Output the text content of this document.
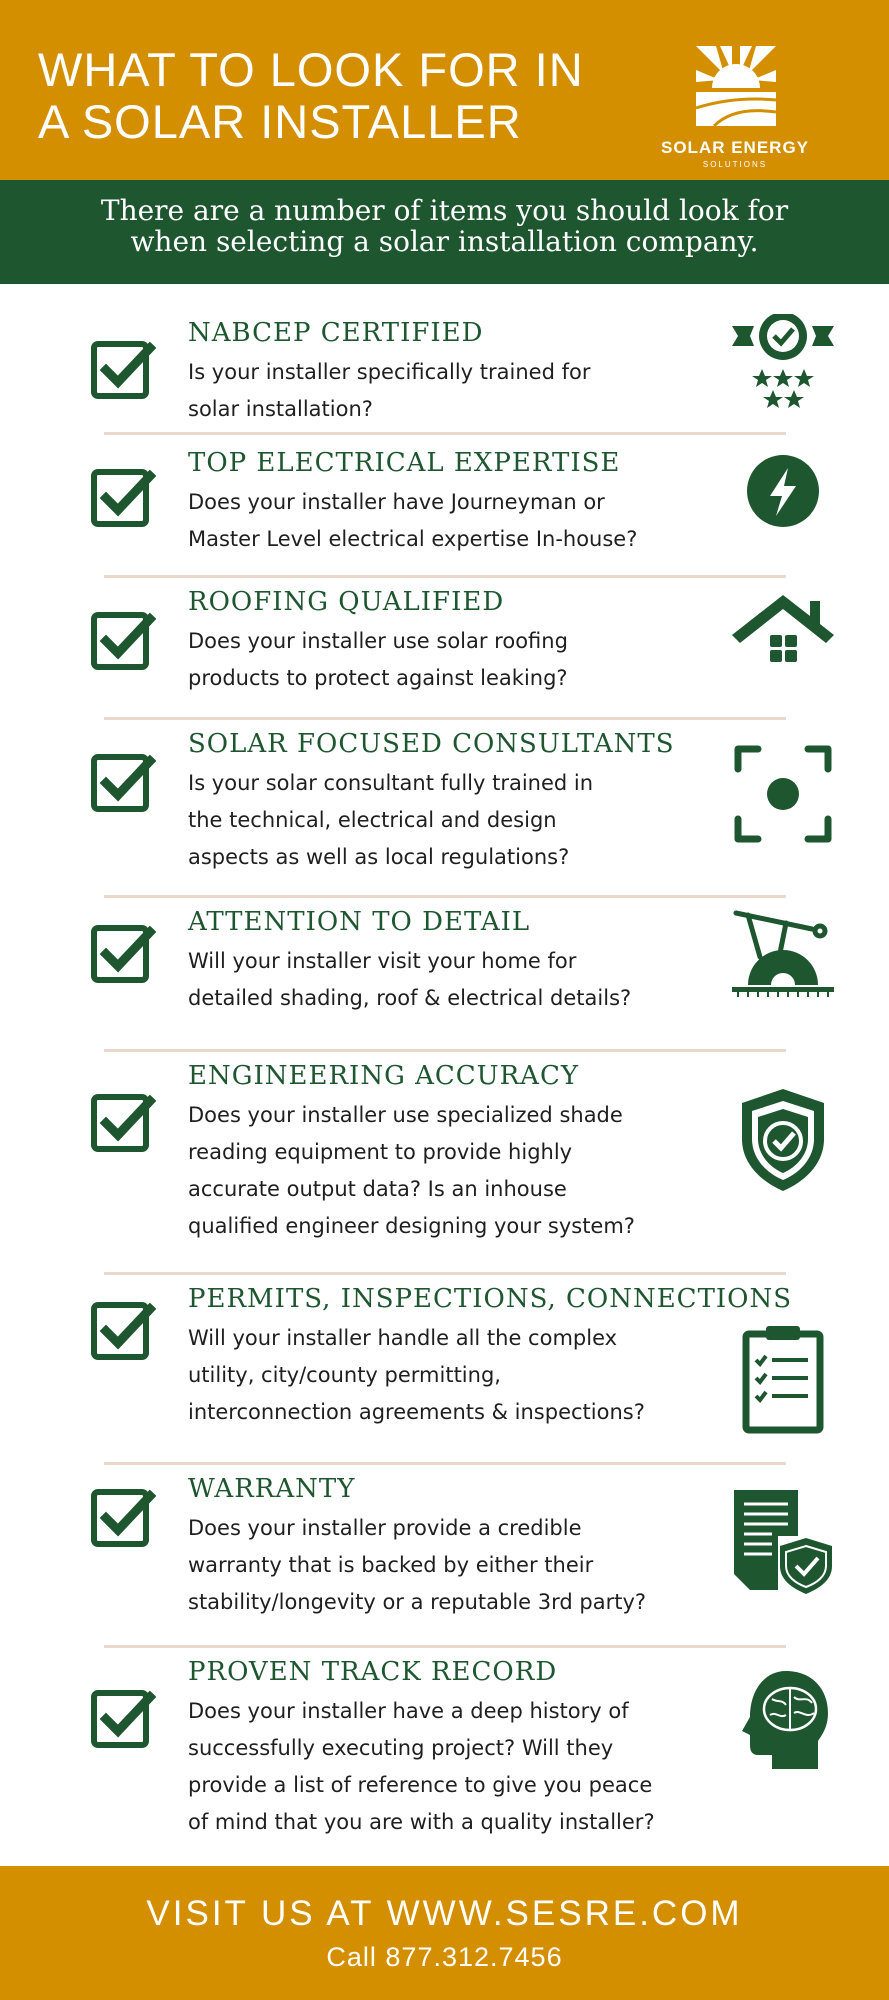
WHAT TO LOOK FOR IN
A SOLAR INSTALLER	SOLAR ENERGY
SOLUTIONS
There are a number of items you should look for
when selecting a solar installation company.
NABCEP CERTIFIED
Is your installer specifically trained for
solar installation?
TOP ELECTRICAL EXPERTISE
Does your installer have Journeyman or
Master Level electrical expertise In-house?
ROOFING QUALIFIED
Does your installer use solar roofing
products to protect against leaking?
SOLAR FOCUSED CONSULTANTS
Is your solar consultant fully trained in
the technical, electrical and design
aspects as well as local regulations?
ATTENTION TO DETAIL
Will your installer visit your home for
detailed shading, roof & electrical details?
ENGINEERING ACCURACY
Does your installer use specialized shade
reading equipment to provide highly
accurate output data? Is an inhouse
qualified engineer designing your system?
PERMITS, INSPECTIONS, CONNECTIONS
Will your installer handle all the complex
utility, city/county permitting,
interconnection agreements & inspections?
WARRANTY
Does your installer provide a credible
warranty that is backed by either their
stability/longevity or a reputable 3rd party?
PROVEN TRACK RECORD
Does your installer have a deep history of
successfully executing project? Will they
provide a list of reference to give you peace
of mind that you are with a quality installer?
VISIT US AT WWW.SESRE.COM
Call 877.312.7456
